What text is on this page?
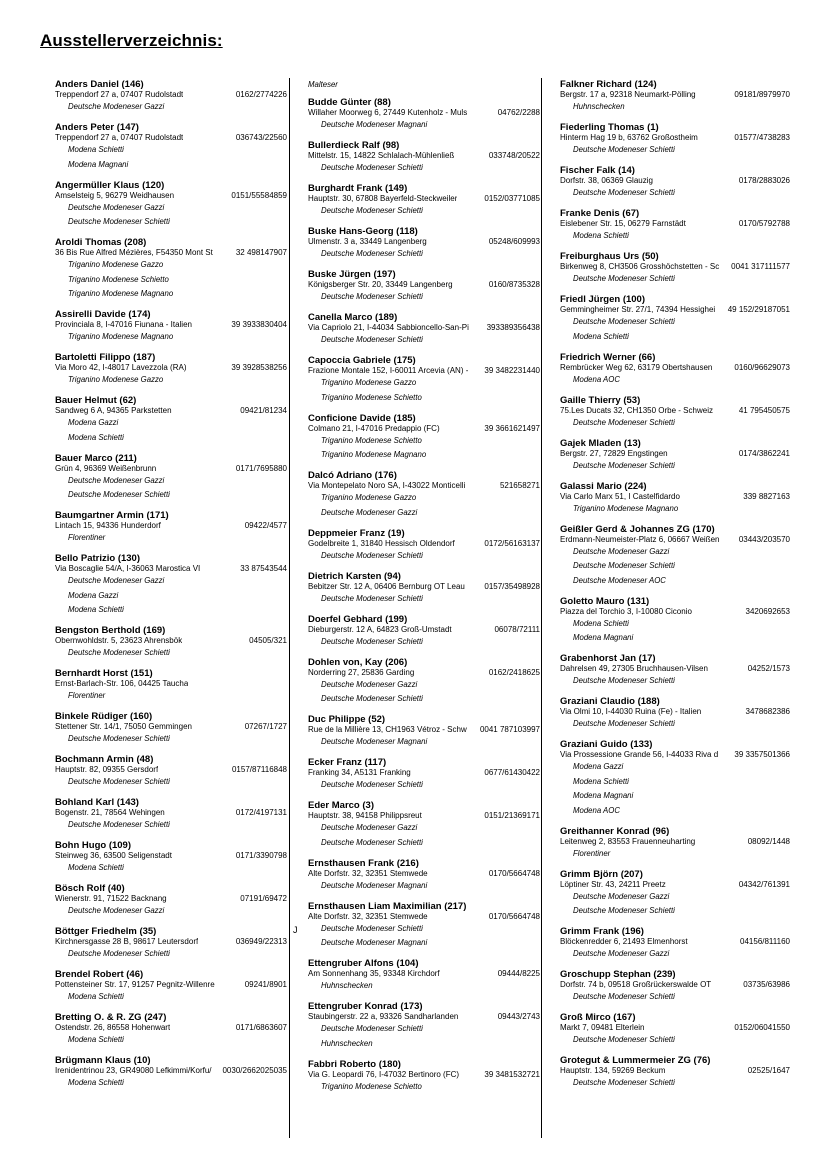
Ausstellerverzeichnis:
J
Anders Daniel (146)
Treppendorf 27 a, 07407 Rudolstadt	0162/2774226
Deutsche Modeneser Gazzi
Anders Peter (147)
Treppendorf 27 a, 07407 Rudolstadt	036743/22560
Modena Schietti
Modena Magnani
Angermüller Klaus (120)
Amselsteig 5, 96279 Weidhausen	0151/55584859
Deutsche Modeneser Gazzi
Deutsche Modeneser Schietti
Aroldi Thomas (208)
36 Bis Rue Alfred Mézières, F54350 Mont St	32 498147907
Triganino Modenese Gazzo
Triganino Modenese Schietto
Triganino Modenese Magnano
Assirelli Davide (174)
Provinciala 8, I-47016 Fiunana - Italien	39 3933830404
Triganino Modenese Magnano
Bartoletti Filippo (187)
Via Moro 42, I-48017 Lavezzola (RA)	39 3928538256
Triganino Modenese Gazzo
Bauer Helmut (62)
Sandweg 6 A, 94365 Parkstetten	09421/81234
Modena Gazzi
Modena Schietti
Bauer Marco (211)
Grün 4, 96369 Weißenbrunn	0171/7695880
Deutsche Modeneser Gazzi
Deutsche Modeneser Schietti
Baumgartner Armin (171)
Lintach 15, 94336 Hunderdorf	09422/4577
Florentiner
Bello Patrizio (130)
Via Boscaglie 54/A, I-36063 Marostica VI	33 87543544
Deutsche Modeneser Gazzi
Modena Gazzi
Modena Schietti
Bengston Berthold (169)
Obernwohldstr. 5, 23623 Ahrensbök	04505/321
Deutsche Modeneser Schietti
Bernhardt Horst (151)
Ernst-Barlach-Str. 106, 04425 Taucha
Florentiner
Binkele Rüdiger (160)
Stettener Str. 14/1, 75050 Gemmingen	07267/1727
Deutsche Modeneser Schietti
Bochmann Armin (48)
Hauptstr. 82, 09355 Gersdorf	0157/87116848
Deutsche Modeneser Schietti
Bohland Karl (143)
Bogenstr. 21, 78564 Wehingen	0172/4197131
Deutsche Modeneser Schietti
Bohn Hugo (109)
Steinweg 36, 63500 Seligenstadt	0171/3390798
Modena Schietti
Bösch Rolf (40)
Wienerstr. 91, 71522 Backnang	07191/69472
Deutsche Modeneser Gazzi
Böttger Friedhelm (35)
Kirchnersgasse 28 B, 98617 Leutersdorf	036949/22313
Deutsche Modeneser Schietti
Brendel Robert (46)
Pottensteiner Str. 17, 91257 Pegnitz-Willenre	09241/8901
Modena Schietti
Bretting O. & R. ZG (247)
Ostendstr. 26, 86558 Hohenwart	0171/6863607
Modena Schietti
Brügmann Klaus (10)
Irenidentrinou 23, GR49080 Lefkimmi/Korfu/ 0030/2662025035
Modena Schietti
Malteser
Budde Günter (88)
Willaher Moorweg 6, 27449 Kutenholz - Muls	04762/2288
Deutsche Modeneser Magnani
Bullerdieck Ralf (98)
Mittelstr. 15, 14822 Schlalach-Mühlenließ	033748/20522
Deutsche Modeneser Schietti
Burghardt Frank (149)
Hauptstr. 30, 67808 Bayerfeld-Steckweiler	0152/03771085
Deutsche Modeneser Schietti
Buske Hans-Georg (118)
Ulmenstr. 3 a, 33449 Langenberg	05248/609993
Deutsche Modeneser Schietti
Buske Jürgen (197)
Königsberger Str. 20, 33449 Langenberg	0160/8735328
Deutsche Modeneser Schietti
Canella Marco (189)
Via Capriolo 21, I-44034 Sabbioncello-San-Pi 393389356438
Deutsche Modeneser Schietti
Capoccia Gabriele (175)
Frazione Montale 152, I-60011 Arcevia (AN) - 39 3482231440
Triganino Modenese Gazzo
Triganino Modenese Schietto
Conficione Davide (185)
Colmano 21, I-47016 Predappio (FC)	39 3661621497
Triganino Modenese Schietto
Triganino Modenese Magnano
Dalcó Adriano (176)
Via Montepelato Noro SA, I-43022 Monticelli	521658271
Triganino Modenese Gazzo
Deutsche Modeneser Gazzi
Deppmeier Franz (19)
Godelbreite 1, 31840 Hessisch Oldendorf	0172/56163137
Deutsche Modeneser Schietti
Dietrich Karsten (94)
Bebitzer Str. 12 A, 06406 Bernburg OT Leau 0157/35498928
Deutsche Modeneser Schietti
Doerfel Gebhard (199)
Dieburgerstr. 12 A, 64823 Groß-Umstadt	06078/72111
Deutsche Modeneser Schietti
Dohlen von, Kay (206)
Norderring 27, 25836 Garding	0162/2418625
Deutsche Modeneser Gazzi
Deutsche Modeneser Schietti
Duc Philippe (52)
Rue de la Millière 13, CH1963 Vétroz - Schw 0041 787103997
Deutsche Modeneser Magnani
Ecker Franz (117)
Franking 34, A5131 Franking	0677/61430422
Deutsche Modeneser Schietti
Eder Marco (3)
Hauptstr. 38, 94158 Philippsreut	0151/21369171
Deutsche Modeneser Gazzi
Deutsche Modeneser Schietti
Ernsthausen Frank (216)
Alte Dorfstr. 32, 32351 Stemwede	0170/5664748
Deutsche Modeneser Magnani
Ernsthausen Liam Maximilian (217)
Alte Dorfstr. 32, 32351 Stemwede	0170/5664748
Deutsche Modeneser Schietti
Deutsche Modeneser Magnani
Ettengruber Alfons (104)
Am Sonnenhang 35, 93348 Kirchdorf	09444/8225
Huhnschecken
Ettengruber Konrad (173)
Staubingerstr. 22 a, 93326 Sandharlanden	09443/2743
Deutsche Modeneser Schietti
Huhnschecken
Fabbri Roberto (180)
Via G. Leopardi 76, I-47032 Bertinoro (FC)	39 3481532721
Triganino Modenese Schietto
Falkner Richard (124)
Bergstr. 17 a, 92318 Neumarkt-Pölling	09181/8979970
Huhnschecken
Fiederling Thomas (1)
Hinterm Hag 19 b, 63762 Großostheim	01577/4738283
Deutsche Modeneser Schietti
Fischer Falk (14)
Dorfstr. 38, 06369 Glauzig	0178/2883026
Deutsche Modeneser Schietti
Franke Denis (67)
Eislebener Str. 15, 06279 Farnstädt	0170/5792788
Modena Schietti
Freiburghaus Urs (50)
Birkenweg 8, CH3506 Grosshöchstetten - Sc 0041 317111577
Deutsche Modeneser Schietti
Friedl Jürgen (100)
Gemmingheimer Str. 27/1, 74394 Hessighei 49 152/29187051
Deutsche Modeneser Schietti
Modena Schietti
Friedrich Werner (66)
Rembrücker Weg 62, 63179 Obertshausen	0160/96629073
Modena AOC
Gaille Thierry (53)
75.Les Ducats 32, CH1350 Orbe - Schweiz	41 795450575
Deutsche Modeneser Schietti
Gajek Mladen (13)
Bergstr. 27, 72829 Engstingen	0174/3862241
Deutsche Modeneser Schietti
Galassi Mario (224)
Via Carlo Marx 51, I Castelfidardo	339 8827163
Triganino Modenese Magnano
Geißler Gerd & Johannes ZG (170)
Erdmann-Neumeister-Platz 6, 06667 Weißen 03443/203570
Deutsche Modeneser Gazzi
Deutsche Modeneser Schietti
Deutsche Modeneser AOC
Goletto Mauro (131)
Piazza del Torchio 3, I-10080 Ciconio	3420692653
Modena Schietti
Modena Magnani
Grabenhorst Jan (17)
Dahrelsen 49, 27305 Bruchhausen-Vilsen	04252/1573
Deutsche Modeneser Schietti
Graziani Claudio (188)
Via Olmi 10, I-44030 Ruina (Fe) - Italien	3478682386
Deutsche Modeneser Schietti
Graziani Guido (133)
Via Prossessione Grande 56, I-44033 Riva d 39 3357501366
Modena Gazzi
Modena Schietti
Modena Magnani
Modena AOC
Greithanner Konrad (96)
Leitenweg 2, 83553 Frauenneuharting	08092/1448
Florentiner
Grimm Björn (207)
Löptiner Str. 43, 24211 Preetz	04342/761391
Deutsche Modeneser Gazzi
Deutsche Modeneser Schietti
Grimm Frank (196)
Blöckenredder 6, 21493 Elmenhorst	04156/811160
Deutsche Modeneser Gazzi
Groschupp Stephan (239)
Dorfstr. 74 b, 09518 Großrückerswalde OT	03735/63986
Deutsche Modeneser Schietti
Groß Mirco (167)
Markt 7, 09481 Elterlein	0152/06041550
Deutsche Modeneser Schietti
Grotegut & Lummermeier ZG (76)
Hauptstr. 134, 59269 Beckum	02525/1647
Deutsche Modeneser Schietti
